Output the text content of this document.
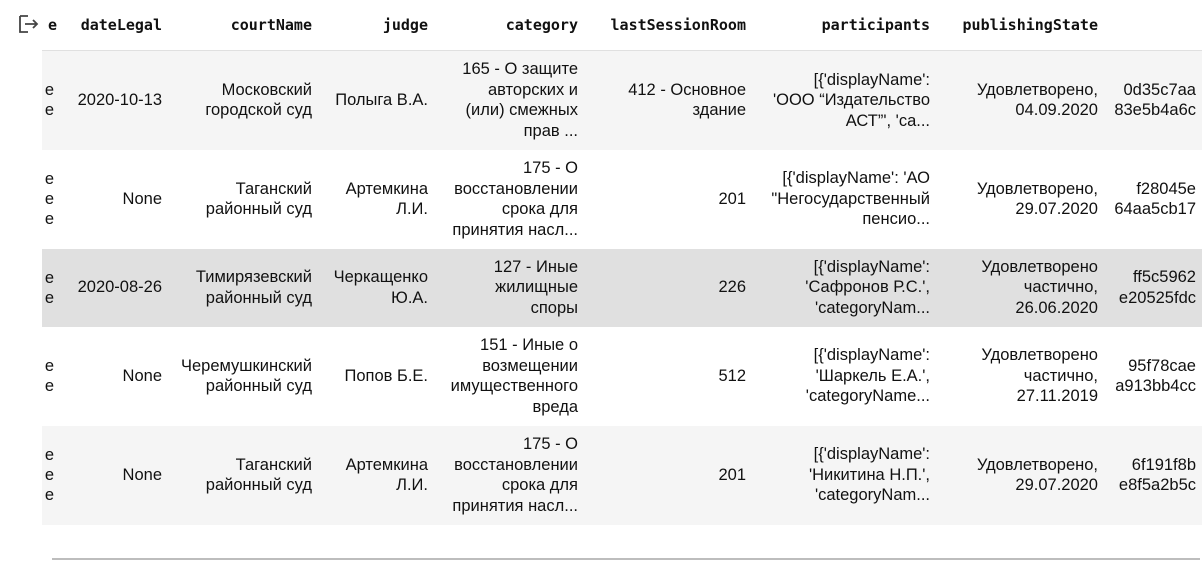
e	dateLegal	courtName	judge	category	lastSessionRoom	participants	publishingState	
e
e	2020-10-13	Московский
городской суд	Полыга В.А.	165 - О защите
авторских и
(или) смежных
прав ...	412 - Основное
здание	[{'displayName':
'ООО “Издательство
АСТ”', 'ca...	Удовлетворено,
04.09.2020	0d35c7aa
83e5b4a6c
e
e
e	None	Таганский
районный суд	Артемкина
Л.И.	175 - О
восстановлении
срока для
принятия насл...	201	[{'displayName': 'АО
"Негосударственный
пенсио...	Удовлетворено,
29.07.2020	f28045e
64aa5cb17
e
e	2020-08-26	Тимирязевский
районный суд	Черкащенко
Ю.А.	127 - Иные
жилищные
споры	226	[{'displayName':
'Сафронов Р.С.',
'categoryNam...	Удовлетворено
частично,
26.06.2020	ff5c5962
e20525fdc
e
e	None	Черемушкинский
районный суд	Попов Б.Е.	151 - Иные о
возмещении
имущественного
вреда	512	[{'displayName':
'Шаркель Е.А.',
'categoryName...	Удовлетворено
частично,
27.11.2019	95f78cae
a913bb4cc
e
e
e	None	Таганский
районный суд	Артемкина
Л.И.	175 - О
восстановлении
срока для
принятия насл...	201	[{'displayName':
'Никитина Н.П.',
'categoryNam...	Удовлетворено,
29.07.2020	6f191f8b
e8f5a2b5c
